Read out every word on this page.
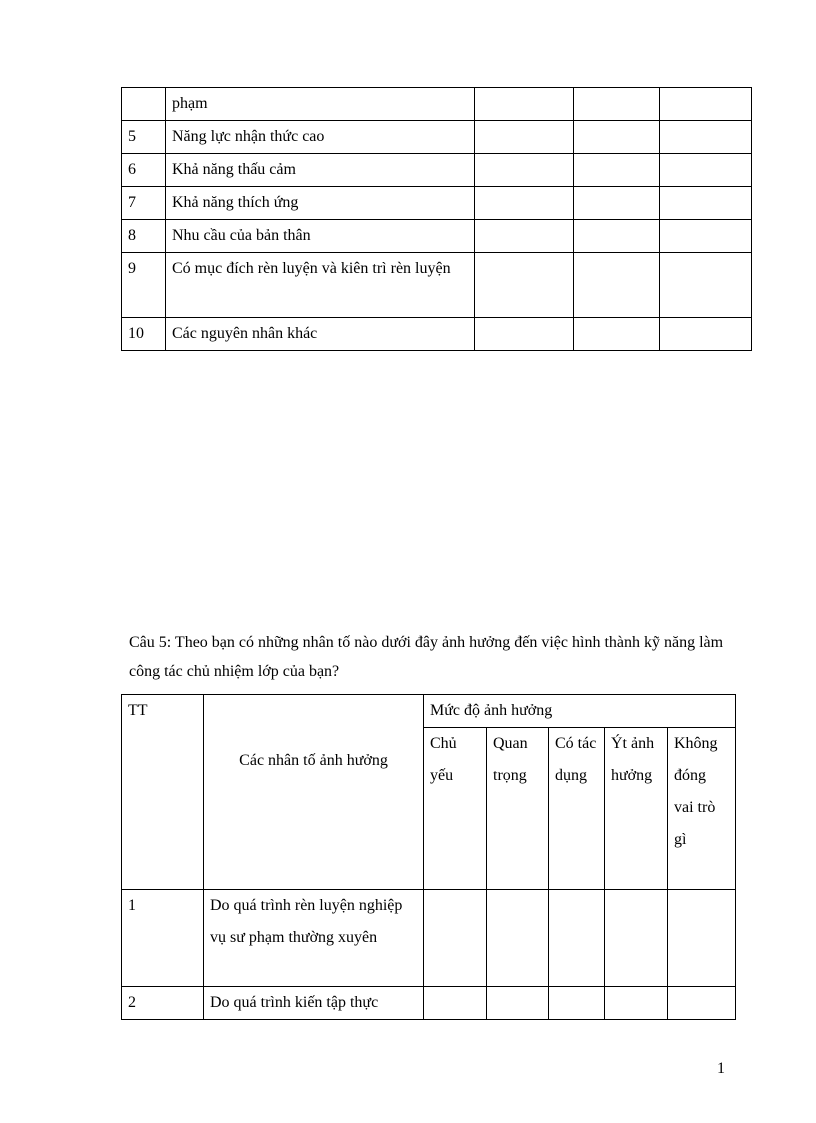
	phạm			
5	Năng lực nhận thức cao			
6	Khả năng thấu cảm			
7	Khả năng thích ứng			
8	Nhu cầu của bản thân			
9	Có mục đích rèn luyện và kiên trì rèn luyện			
10	Các nguyên nhân khác			
Câu 5: Theo bạn có những nhân tố nào dưới đây ảnh hưởng đến việc hình thành kỹ năng làm công tác chủ nhiệm lớp của bạn?
TT	Các nhân tố ảnh hưởng	Mức độ ảnh hưởng				
		Chủ yếu	Quan trọng	Có tác dụng	Ýt ảnh hưởng	Không đóng vai trò gì
1	Do quá trình rèn luyện nghiệp vụ sư phạm thường xuyên					
2	Do quá trình kiến tập thực					
1
